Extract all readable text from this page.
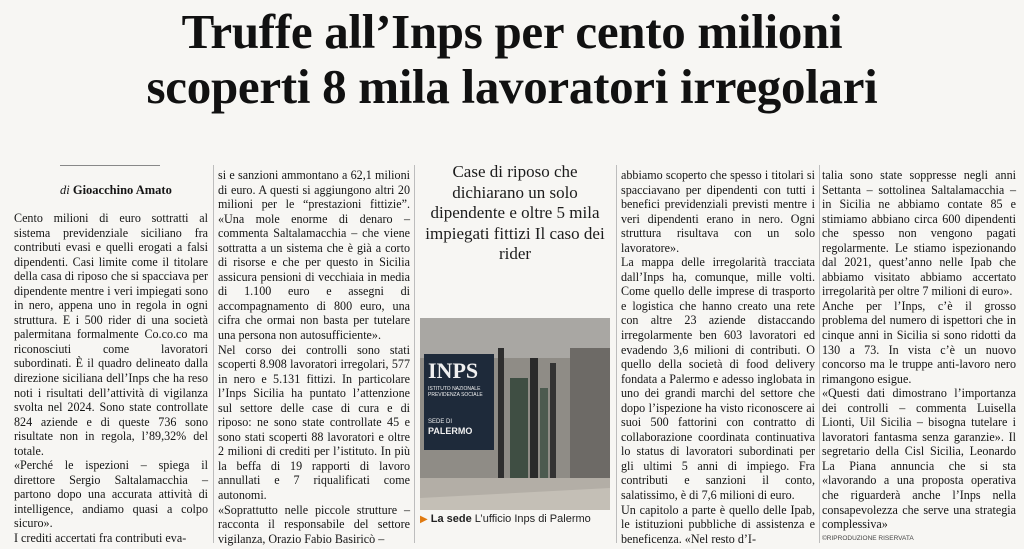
Truffe all’Inps per cento milioni
scoperti 8 mila lavoratori irregolari
di Gioacchino Amato

Cento milioni di euro sottratti al sistema previdenziale siciliano fra contributi evasi e quelli erogati a falsi dipendenti. Casi limite come il titolare della casa di riposo che si spacciava per dipendente mentre i veri impiegati sono in nero, appena uno in regola in ogni struttura. E i 500 rider di una società palermitana formalmente Co.co.co ma riconosciuti come lavoratori subordinati. È il quadro delineato dalla direzione siciliana dell’Inps che ha reso noti i risultati dell’attività di vigilanza svolta nel 2024. Sono state controllate 824 aziende e di queste 736 sono risultate non in regola, l’89,32% del totale.

«Perché le ispezioni – spiega il direttore Sergio Saltalamacchia – partono dopo una accurata attività di intelligence, andiamo quasi a colpo sicuro».

I crediti accertati fra contributi eva-

si e sanzioni ammontano a 62,1 milioni di euro. A questi si aggiungono altri 20 milioni per le “prestazioni fittizie”. «Una mole enorme di denaro – commenta Saltalamacchia – che viene sottratta a un sistema che è già a corto di risorse e che per questo in Sicilia assicura pensioni di vecchiaia in media di 1.100 euro e assegni di accompagnamento di 800 euro, una cifra che ormai non basta per tutelare una persona non autosufficiente».

Nel corso dei controlli sono stati scoperti 8.908 lavoratori irregolari, 577 in nero e 5.131 fittizi. In particolare l’Inps Sicilia ha puntato l’attenzione sul settore delle case di cura e di riposo: ne sono state controllate 45 e sono stati scoperti 88 lavoratori e oltre 2 milioni di crediti per l’istituto. In più la beffa di 19 rapporti di lavoro annullati e 7 riqualificati come autonomi.

«Soprattutto nelle piccole strutture – racconta il responsabile del settore vigilanza, Orazio Fabio Basiricò –

Case di riposo che dichiarano un solo dipendente e oltre 5 mila impiegati fittizi Il caso dei rider
INPS
ISTITUTO NAZIONALE
PREVIDENZA SOCIALE
SEDE DI
PALERMO
▶ La sede L’ufficio Inps di Palermo

abbiamo scoperto che spesso i titolari si spacciavano per dipendenti con tutti i benefici previdenziali previsti mentre i veri dipendenti erano in nero. Ogni struttura risultava con un solo lavoratore».

La mappa delle irregolarità tracciata dall’Inps ha, comunque, mille volti. Come quello delle imprese di trasporto e logistica che hanno creato una rete con altre 23 aziende distaccando irregolarmente ben 603 lavoratori ed evadendo 3,6 milioni di contributi. O quello della società di food delivery fondata a Palermo e adesso inglobata in uno dei grandi marchi del settore che dopo l’ispezione ha visto riconoscere ai suoi 500 fattorini con contratto di collaborazione coordinata continuativa lo status di lavoratori subordinati per gli ultimi 5 anni di impiego. Fra contributi e sanzioni il conto, salatissimo, è di 7,6 milioni di euro.

Un capitolo a parte è quello delle Ipab, le istituzioni pubbliche di assistenza e beneficenza. «Nel resto d’I-

talia sono state soppresse negli anni Settanta – sottolinea Saltalamacchia – in Sicilia ne abbiamo contate 85 e stimiamo abbiano circa 600 dipendenti che spesso non vengono pagati regolarmente. Le stiamo ispezionando dal 2021, quest’anno nelle Ipab che abbiamo visitato abbiamo accertato irregolarità per oltre 7 milioni di euro».

Anche per l’Inps, c’è il grosso problema del numero di ispettori che in cinque anni in Sicilia si sono ridotti da 130 a 73. In vista c’è un nuovo concorso ma le truppe anti-lavoro nero rimangono esigue.

«Questi dati dimostrano l’importanza dei controlli – commenta Luisella Lionti, Uil Sicilia – bisogna tutelare i lavoratori fantasma senza garanzie». Il segretario della Cisl Sicilia, Leonardo La Piana annuncia che si sta «lavorando a una proposta operativa che riguarderà anche l’Inps nella consapevolezza che serve una strategia complessiva»

©RIPRODUZIONE RISERVATA
